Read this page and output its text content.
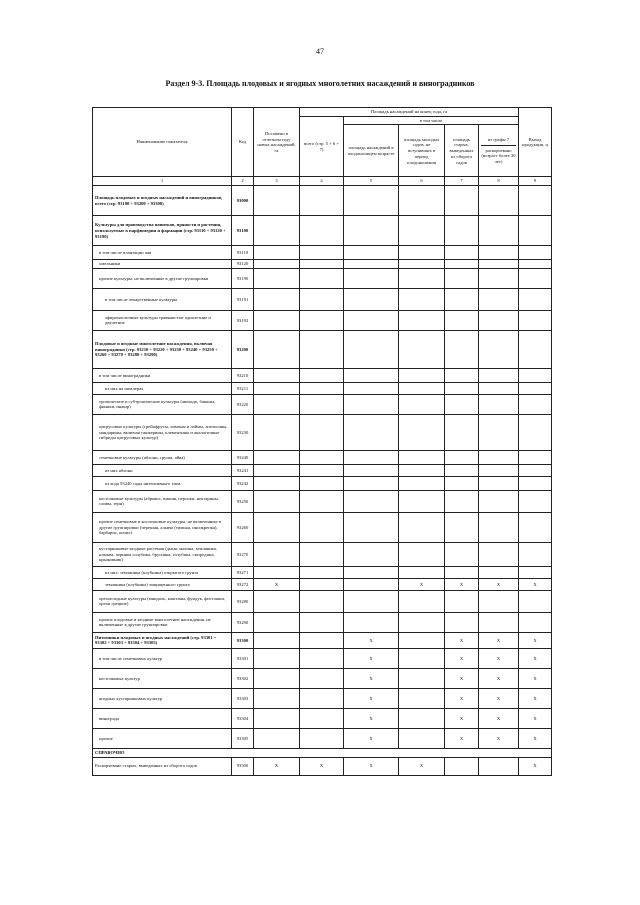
47
Раздел 9-3. Площадь плодовых и ягодных многолетних насаждений и виноградников
Наименование показателя	Код	Посажено в отчетном году новых насаждений, га	Площадь насаждений на конец года, га					Выход продукции, ц
			всего (стр. 5 + 6 + 7)	в том числе				
				площадь насаждений в плодоносящем возрасте	площадь молодых садов, не вступивших в период плодоношения	площадь старых, выведенных из оборота садов	из графы 7
раскорчевано (возраст более 30 лет)	

1	2	3	4	5	6	7	8	9
Площадь плодовых и ягодных насаждений и виноградников, всего (стр. 93100 + 93200 + 93300)	93000							
Культуры для производства напитков, пряности и растения, используемые в парфюмерии и фармации (стр. 93110 + 93120 + 93190)	93100							
в том числе плантации чая	93110							
хмельники	93120							
прочие культуры, не включенные в другие группировки	93190							
в том числе лекарственные культуры	93191							
эфиромасличные культуры травянистые однолетние и двулетние	93192							
Плодовые и ягодные многолетние насаждения, включая виноградники (стр. 93210 + 93220 + 93230 + 93240 + 93250 + 93260 + 93270 + 93280 + 93290)	93200							
в том числе виноградники	93210							
из них на шпалерах	93211							
тропические и субтропические культуры (авокадо, бананы, финики, инжир)	93220							
цитрусовые культуры (грейпфруты, лимоны и лаймы, апельсины, мандарины, включая танжерины, клементины и аналогичные гибриды цитрусовых культур)	93230							
семечковые культуры (яблони, груши, айва)	93240							
из них яблони	93241							
из кода 93240 сады интенсивного типа	93242							
косточковые культуры (абрикос, вишня, персики, нектарины, сливы, терн)	93250							
прочие семечковые и косточковые культуры, не включенные в другие группировки (черешня, альвча (тимьян, инсикрепка), барбарис, кизил)	93260							
кустарниковые ягодные растения (дыня, малина, земляника, клюква, черника голубика, брусника, голубика, смородина, крыжовник)	93270							
из них: земляника (клубника) открытого грунта	93271							
земляника (клубника) защищенного грунта	93272	X			X	X	X	X
орехоплодные культуры (миндаль, каштаны, фундук, фисташки, орехи грецкие)	93280							
прочие плодовые и ягодные многолетние насаждения, не включенные в другие группировки	93290							
Питомники плодовых и ягодных насаждений (стр. 93301 + 93302 + 93303 + 93304 + 93305)	93300			X		X	X	X
в том числе семечковых культур	93301			X		X	X	X
косточковых культур	93302			X		X	X	X
ягодных кустарниковых культур	93303			X		X	X	X
винограда	93304			X		X	X	X
прочие	93305			X		X	X	X
СПРАВОЧНО								
Раскорчевано старых, выведенных из оборота садов	93500	X	X	X	X			X
